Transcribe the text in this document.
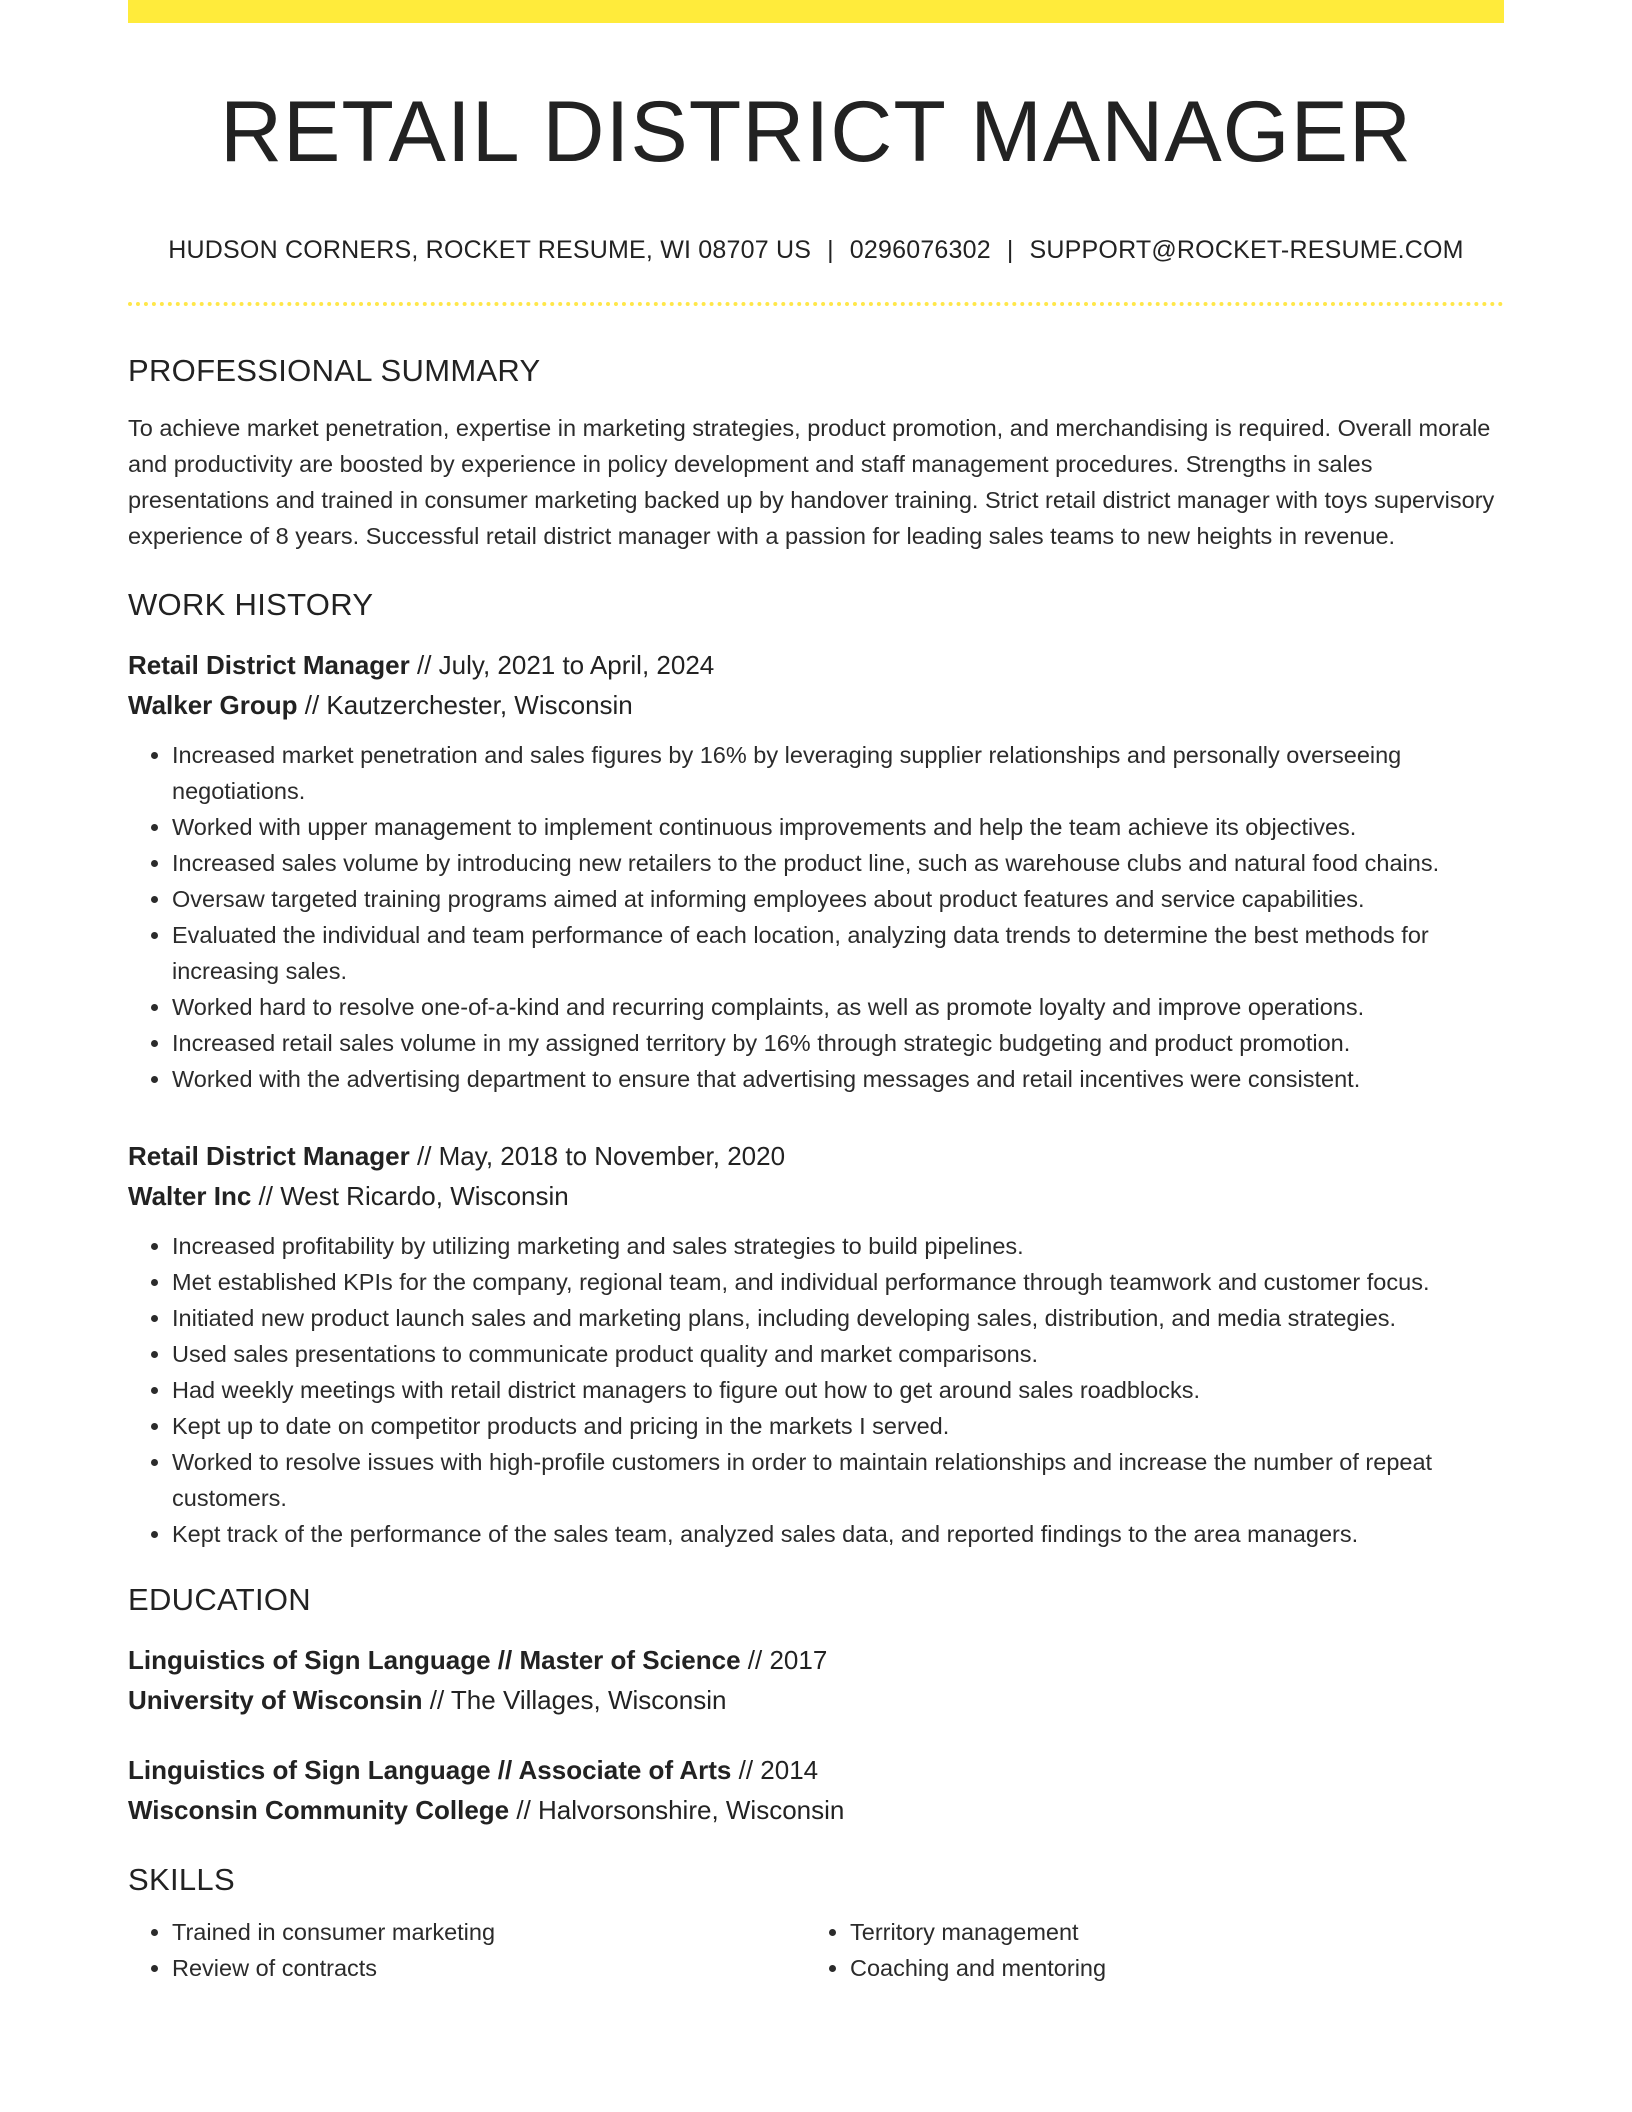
RETAIL DISTRICT MANAGER
HUDSON CORNERS, ROCKET RESUME, WI 08707 US | 0296076302 | SUPPORT@ROCKET-RESUME.COM
PROFESSIONAL SUMMARY
To achieve market penetration, expertise in marketing strategies, product promotion, and merchandising is required. Overall morale and productivity are boosted by experience in policy development and staff management procedures. Strengths in sales presentations and trained in consumer marketing backed up by handover training. Strict retail district manager with toys supervisory experience of 8 years. Successful retail district manager with a passion for leading sales teams to new heights in revenue.
WORK HISTORY
Retail District Manager // July, 2021 to April, 2024
Walker Group // Kautzerchester, Wisconsin
• Increased market penetration and sales figures by 16% by leveraging supplier relationships and personally overseeing negotiations.
• Worked with upper management to implement continuous improvements and help the team achieve its objectives.
• Increased sales volume by introducing new retailers to the product line, such as warehouse clubs and natural food chains.
• Oversaw targeted training programs aimed at informing employees about product features and service capabilities.
• Evaluated the individual and team performance of each location, analyzing data trends to determine the best methods for increasing sales.
• Worked hard to resolve one-of-a-kind and recurring complaints, as well as promote loyalty and improve operations.
• Increased retail sales volume in my assigned territory by 16% through strategic budgeting and product promotion.
• Worked with the advertising department to ensure that advertising messages and retail incentives were consistent.
Retail District Manager // May, 2018 to November, 2020
Walter Inc // West Ricardo, Wisconsin
• Increased profitability by utilizing marketing and sales strategies to build pipelines.
• Met established KPIs for the company, regional team, and individual performance through teamwork and customer focus.
• Initiated new product launch sales and marketing plans, including developing sales, distribution, and media strategies.
• Used sales presentations to communicate product quality and market comparisons.
• Had weekly meetings with retail district managers to figure out how to get around sales roadblocks.
• Kept up to date on competitor products and pricing in the markets I served.
• Worked to resolve issues with high-profile customers in order to maintain relationships and increase the number of repeat customers.
• Kept track of the performance of the sales team, analyzed sales data, and reported findings to the area managers.
EDUCATION
Linguistics of Sign Language // Master of Science // 2017
University of Wisconsin // The Villages, Wisconsin
Linguistics of Sign Language // Associate of Arts // 2014
Wisconsin Community College // Halvorsonshire, Wisconsin
SKILLS
• Trained in consumer marketing
• Review of contracts
• Territory management
• Coaching and mentoring
